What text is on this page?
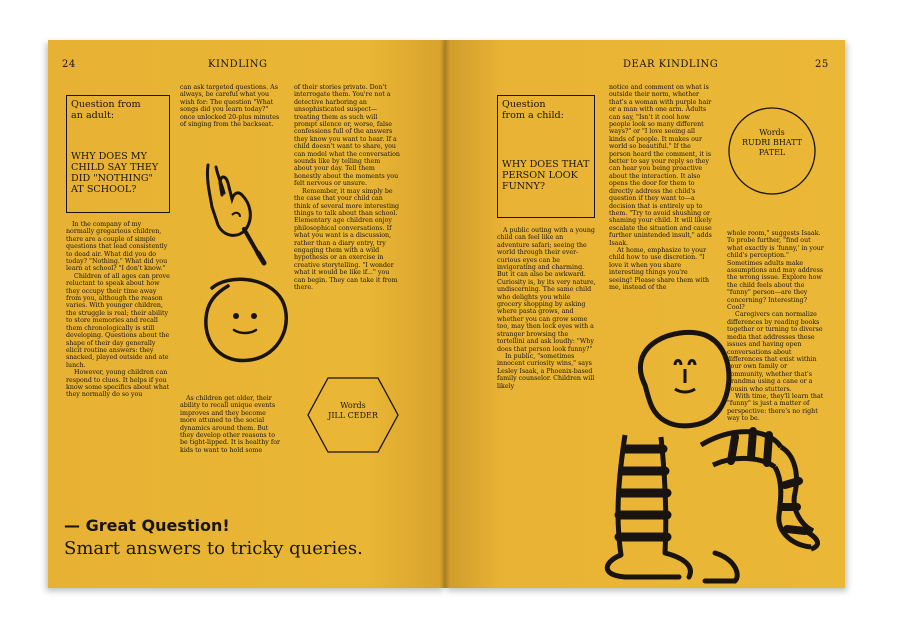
24	KINDLING
Question from an adult:
WHY DOES MY CHILD SAY THEY DID "NOTHING" AT SCHOOL?

In the company of my normally gregarious children, there are a couple of simple questions that lead consistently to dead air. What did you do today? "Nothing." What did you learn at school? "I don't know."

Children of all ages can prove reluctant to speak about how they occupy their time away from you, although the reason varies. With younger children, the struggle is real; their ability to store memories and recall them chronologically is still developing. Questions about the shape of their day generally elicit routine answers: they snacked, played outside and ate lunch.

However, young children can respond to clues. It helps if you know some specifics about what they normally do so you

can ask targeted questions. As always, be careful what you wish for: The question "What songs did you learn today?" once unlocked 20-plus minutes of singing from the backseat.

As children get older, their ability to recall unique events improves and they become more attuned to the social dynamics around them. But they develop other reasons to be tight-lipped. It is healthy for kids to want to hold some

of their stories private. Don't interrogate them. You're not a detective harboring an unsophisticated suspect—treating them as such will prompt silence or, worse, false confessions full of the answers they know you want to hear. If a child doesn't want to share, you can model what the conversation sounds like by telling them about your day. Tell them honestly about the moments you felt nervous or unsure.

Remember, it may simply be the case that your child can think of several more interesting things to talk about than school. Elementary age children enjoy philosophical conversations. If what you want is a discussion, rather than a diary entry, try engaging them with a wild hypothesis or an exercise in creative storytelling. "I wonder what it would be like if..." you can begin. They can take it from there.

Words
JILL CEDER
— Great Question!
Smart answers to tricky queries.
DEAR KINDLING	25
Question from a child:
WHY DOES THAT PERSON LOOK FUNNY?

notice and comment on what is outside their norm, whether that's a woman with purple hair or a man with one arm. Adults can say, "Isn't it cool how people look so many different ways?" or "I love seeing all kinds of people. It makes our world so beautiful." If the person heard the comment, it is better to say your reply so they can hear you being proactive about the interaction. It also opens the door for them to directly address the child's question if they want to—a decision that is entirely up to them. "Try to avoid shushing or shaming your child. It will likely escalate the situation and cause further unintended insult," adds Isaak.

At home, emphasize to your child how to use discretion. "I love it when you share interesting things you're seeing! Please share them with me, instead of the

Words
RUDRI BHATT PATEL

A public outing with a young child can feel like an adventure safari; seeing the world through their ever-curious eyes can be invigorating and charming. But it can also be awkward. Curiosity is, by its very nature, undiscerning. The same child who delights you while grocery shopping by asking where pasta grows, and whether you can grow some too, may then lock eyes with a stranger browsing the tortellini and ask loudly: "Why does that person look funny?"

In public, "sometimes innocent curiosity wins," says Lesley Isaak, a Phoenix-based family counselor. Children will likely

whole room," suggests Isaak. To probe further, "find out what exactly is 'funny,' in your child's perception." Sometimes adults make assumptions and may address the wrong issue. Explore how the child feels about the "funny" person—are they concerning? Interesting? Cool?

Caregivers can normalize differences by reading books together or turning to diverse media that addresses these issues and having open conversations about differences that exist within your own family or community, whether that's grandma using a cane or a cousin who stutters.

With time, they'll learn that "funny" is just a matter of perspective: there's no right way to be.
